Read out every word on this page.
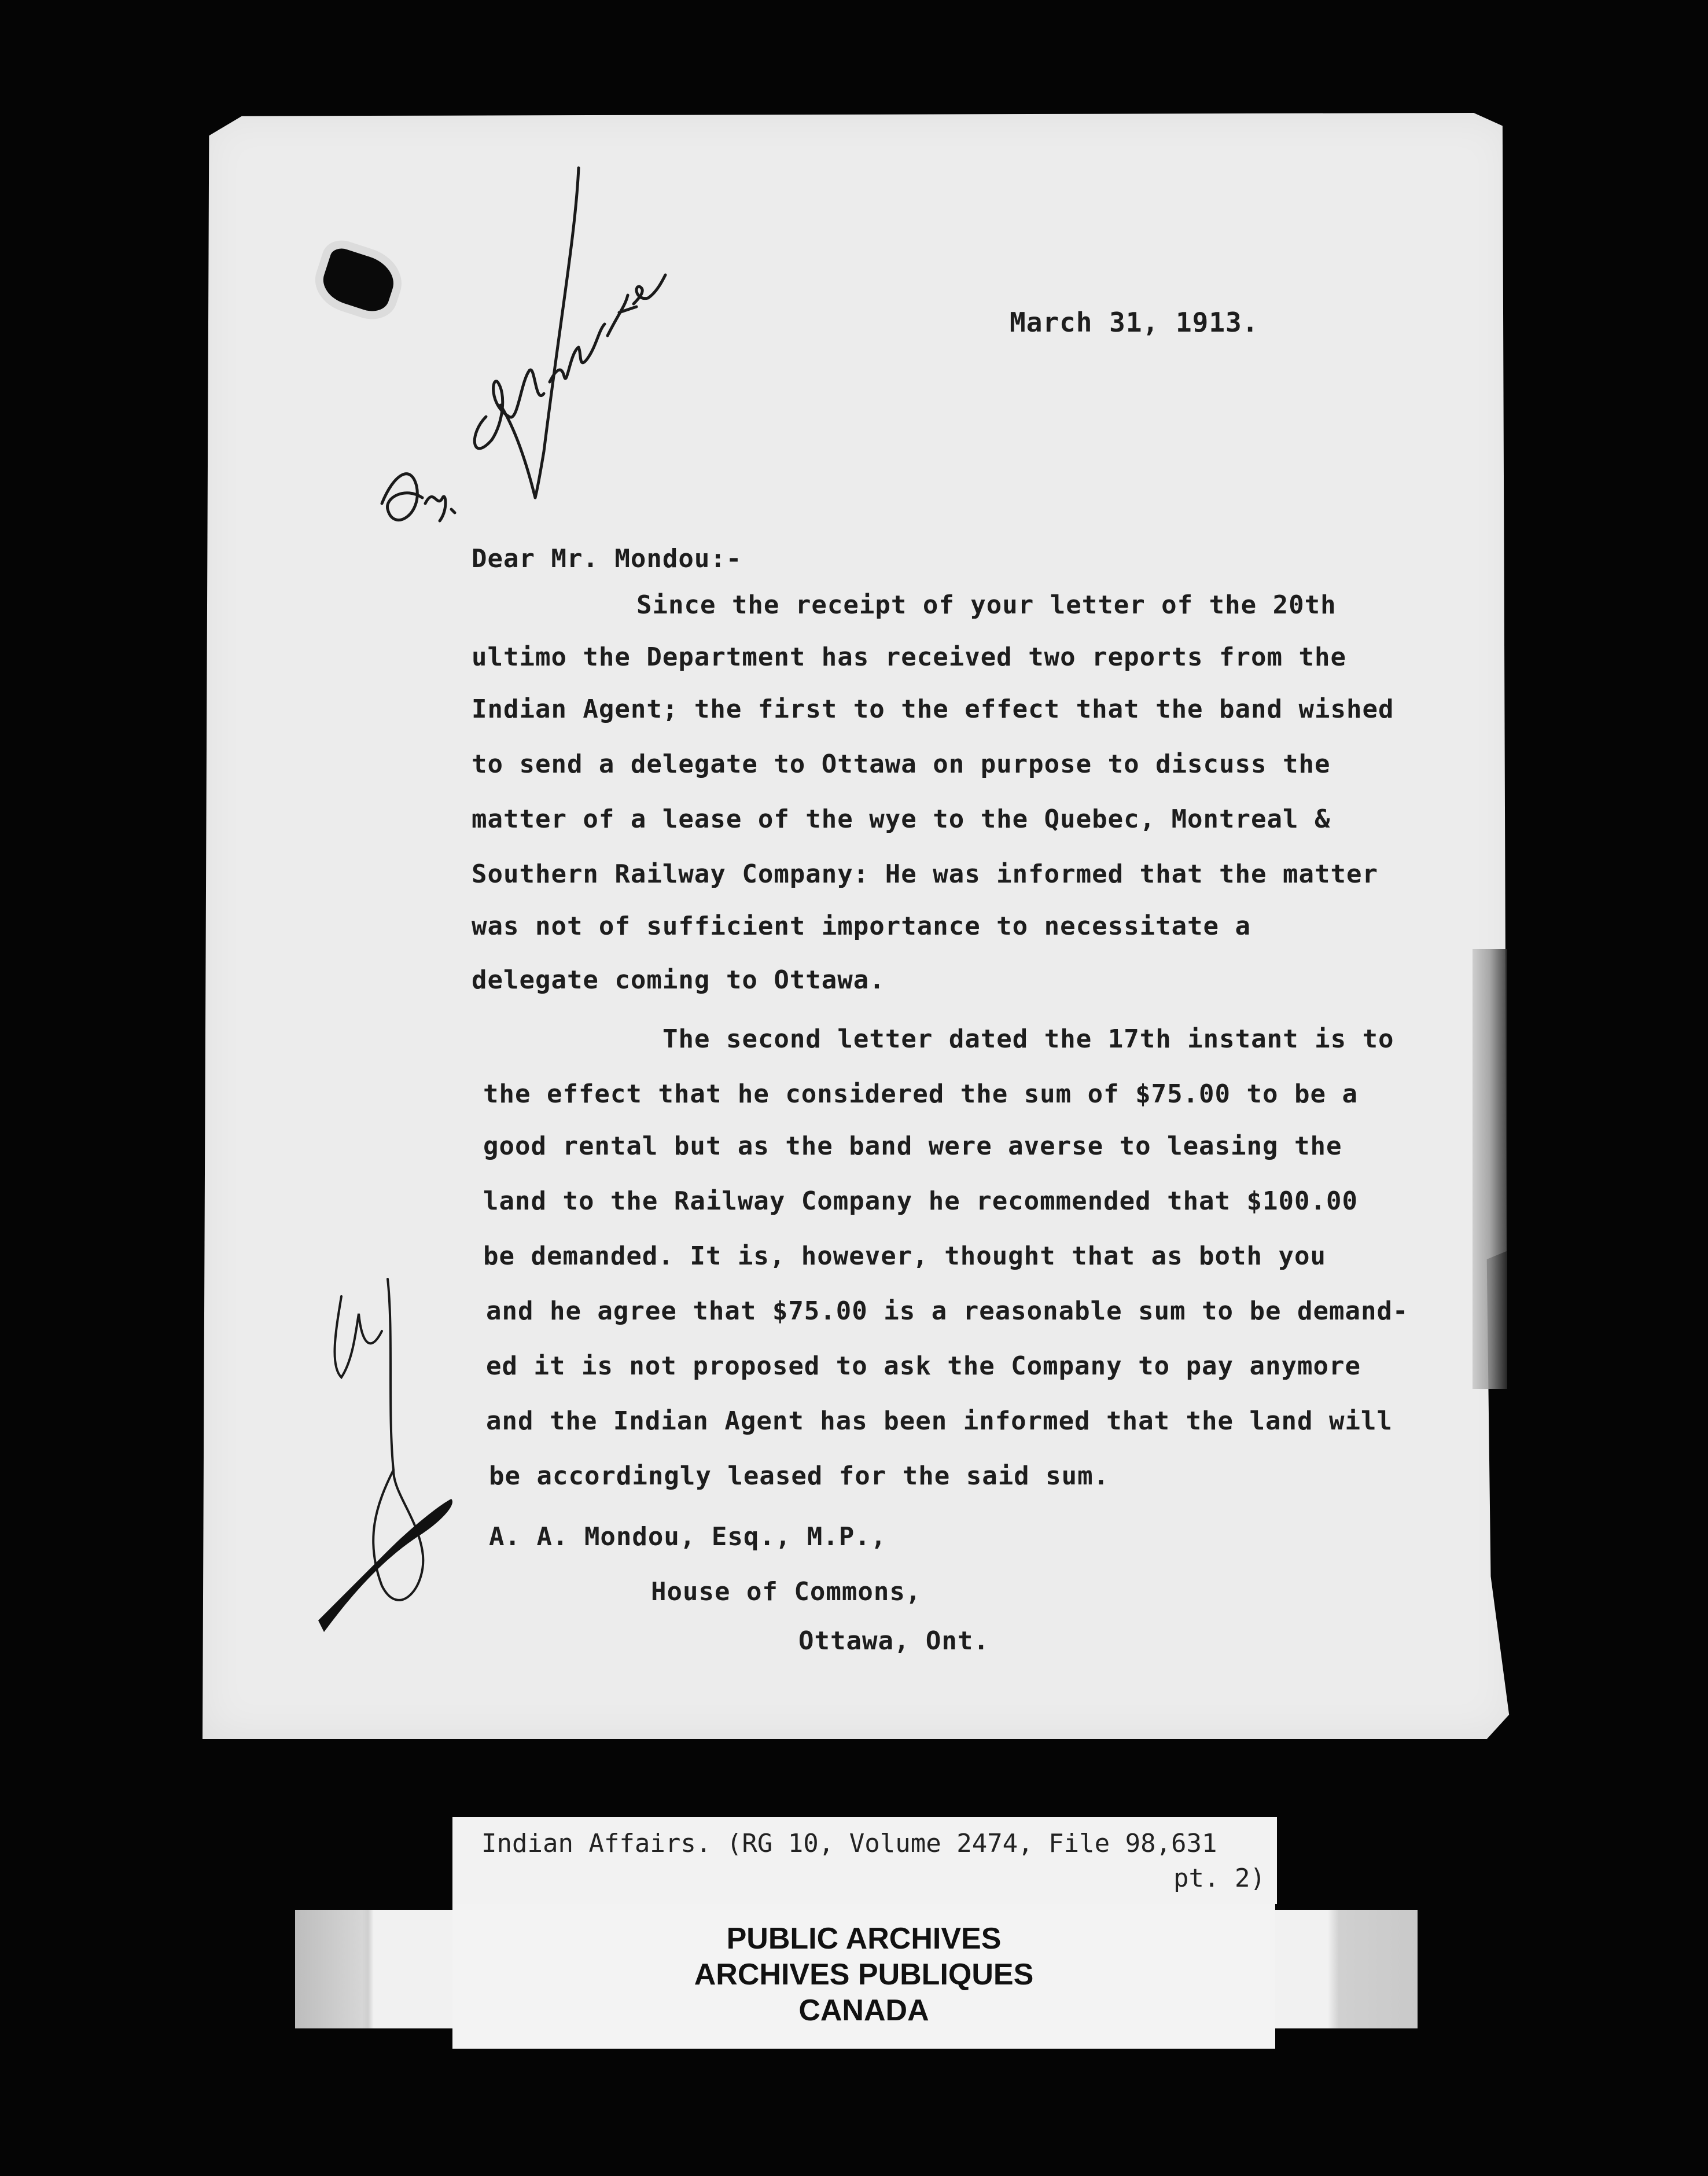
March 31, 1913.
Dear Mr. Mondou:-
Since the receipt of your letter of the 20th
ultimo the Department has received two reports from the
Indian Agent; the first to the effect that the band wished
to send a delegate to Ottawa on purpose to discuss the
matter of a lease of the wye to the Quebec, Montreal &
Southern Railway Company: He was informed that the matter
was not of sufficient importance to necessitate a
delegate coming to Ottawa.
The second letter dated the 17th instant is to
the effect that he considered the sum of $75.00 to be a
good rental but as the band were averse to leasing the
land to the Railway Company he recommended that $100.00
be demanded. It is, however, thought that as both you
and he agree that $75.00 is a reasonable sum to be demand-
ed it is not proposed to ask the Company to pay anymore
and the Indian Agent has been informed that the land will
be accordingly leased for the said sum.
A. A. Mondou, Esq., M.P.,
House of Commons,
Ottawa, Ont.
Indian Affairs. (RG 10, Volume 2474, File 98,631
pt. 2)
PUBLIC ARCHIVES
ARCHIVES PUBLIQUES
CANADA
